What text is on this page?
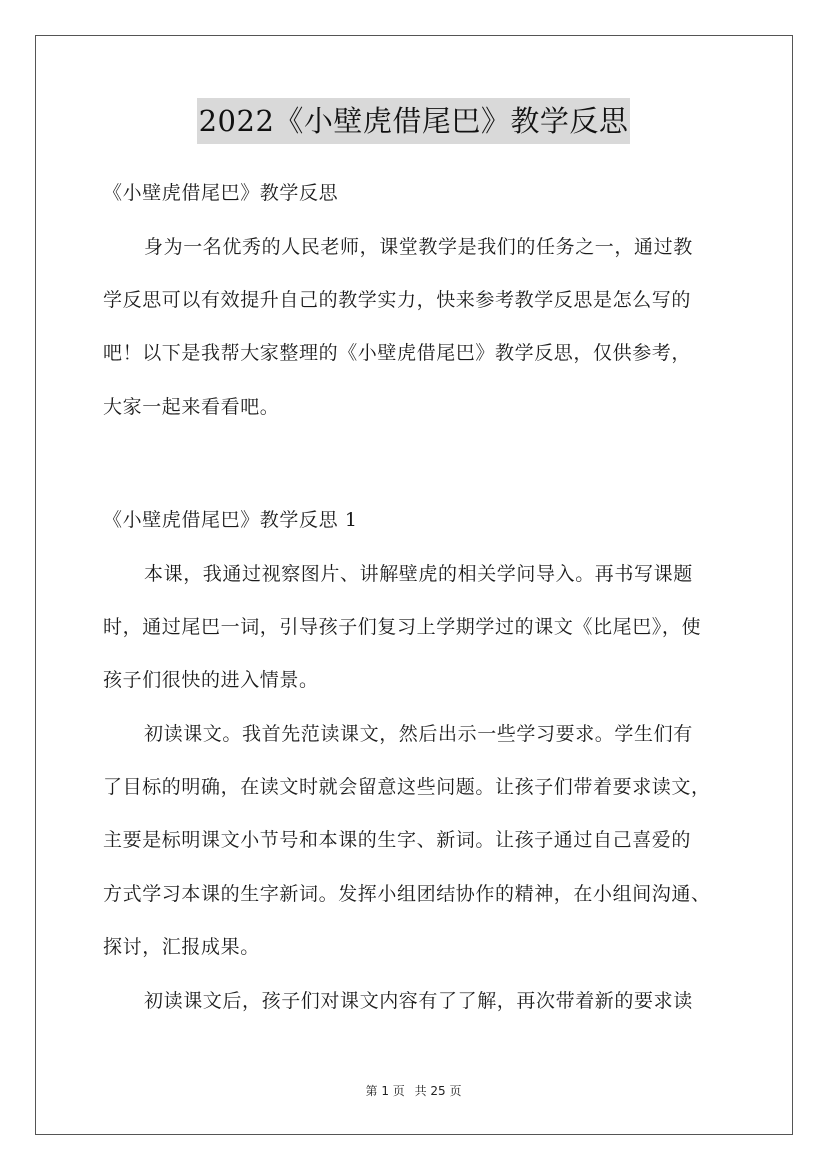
2022《小壁虎借尾巴》教学反思
《小壁虎借尾巴》教学反思
身为一名优秀的人民老师，课堂教学是我们的任务之一，通过教
学反思可以有效提升自己的教学实力，快来参考教学反思是怎么写的
吧！以下是我帮大家整理的《小壁虎借尾巴》教学反思，仅供参考，
大家一起来看看吧。
《小壁虎借尾巴》教学反思 1
本课，我通过视察图片、讲解壁虎的相关学问导入。再书写课题
时，通过尾巴一词，引导孩子们复习上学期学过的课文《比尾巴》，使
孩子们很快的进入情景。
初读课文。我首先范读课文，然后出示一些学习要求。学生们有
了目标的明确，在读文时就会留意这些问题。让孩子们带着要求读文，
主要是标明课文小节号和本课的生字、新词。让孩子通过自己喜爱的
方式学习本课的生字新词。发挥小组团结协作的精神，在小组间沟通、
探讨，汇报成果。
初读课文后，孩子们对课文内容有了了解，再次带着新的要求读
第 1 页 共 25 页
